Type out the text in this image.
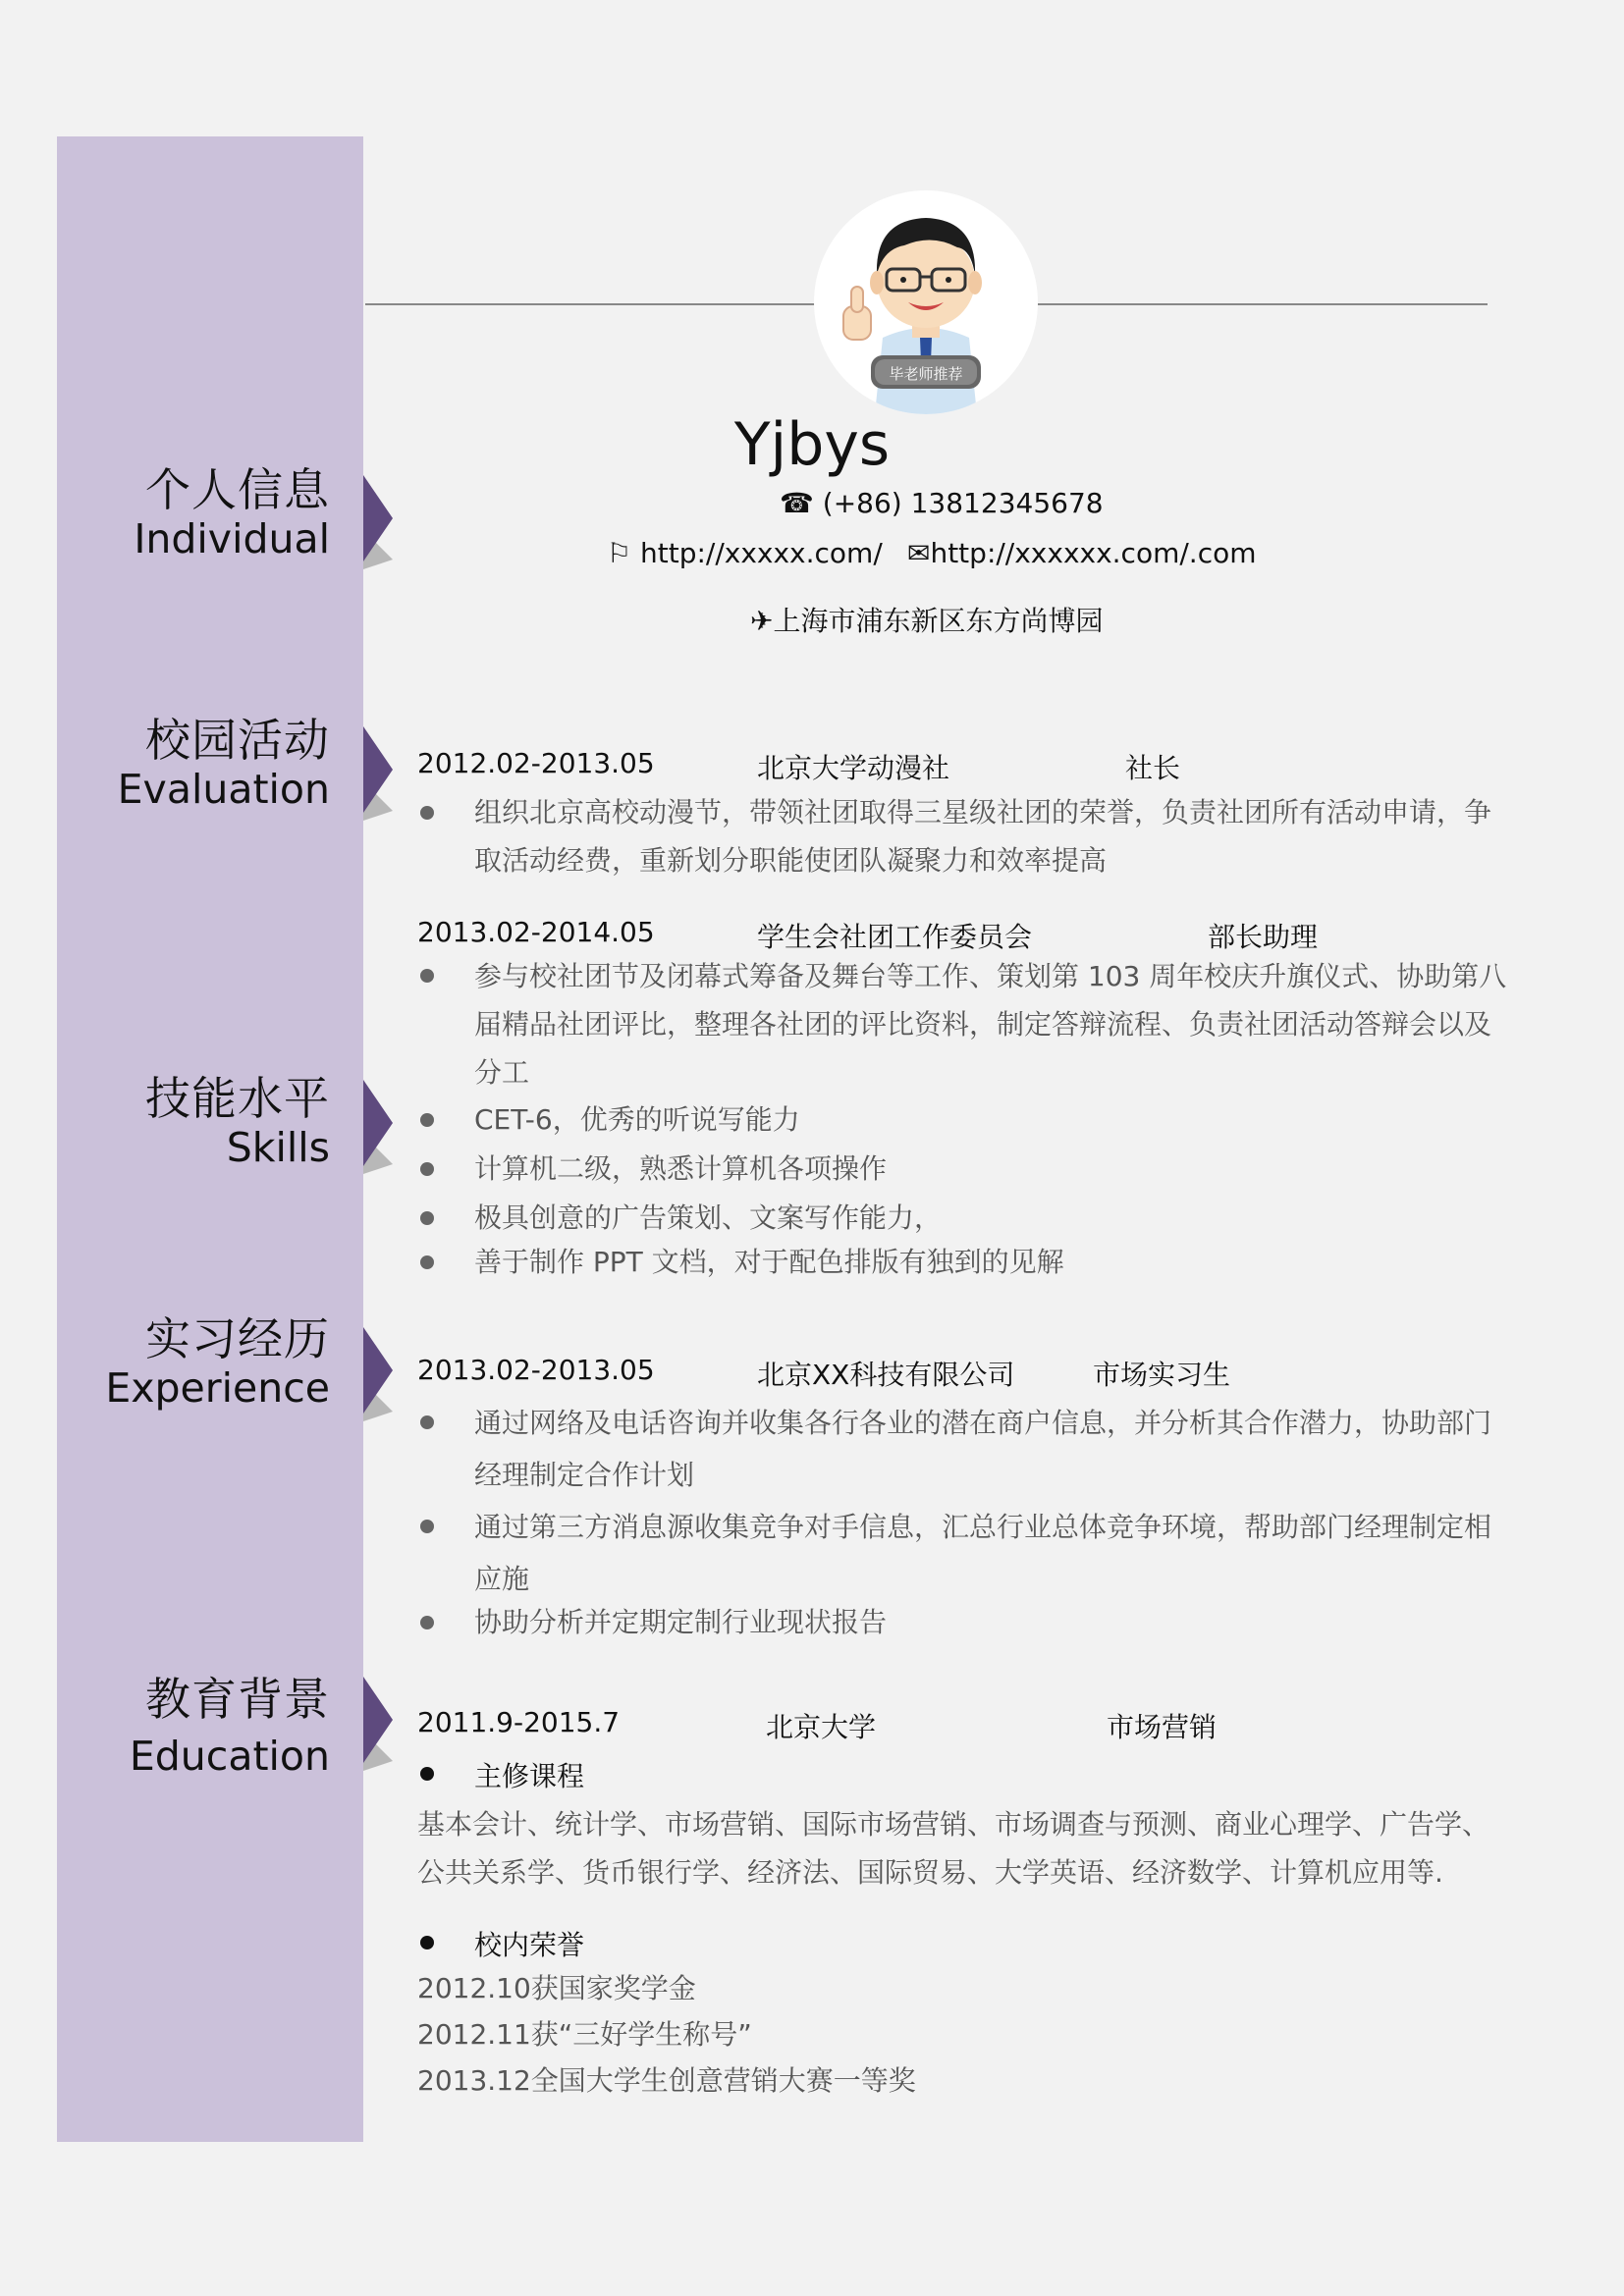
个人信息
Individual
校园活动
Evaluation
技能水平
Skills
实习经历
Experience
教育背景
Education
毕老师推荐
Yjbys
☎ (+86) 13812345678
⚐ http://xxxxx.com/ ✉http://xxxxxx.com/.com
✈上海市浦东新区东方尚博园
2012.02-2013.05	北京大学动漫社	社长
组织北京高校动漫节，带领社团取得三星级社团的荣誉，负责社团所有活动申请，争取活动经费，重新划分职能使团队凝聚力和效率提高
2013.02-2014.05	学生会社团工作委员会	部长助理
参与校社团节及闭幕式筹备及舞台等工作、策划第 103 周年校庆升旗仪式、协助第八届精品社团评比，整理各社团的评比资料，制定答辩流程、负责社团活动答辩会以及分工
CET-6，优秀的听说写能力
计算机二级，熟悉计算机各项操作
极具创意的广告策划、文案写作能力，
善于制作 PPT 文档，对于配色排版有独到的见解
2013.02-2013.05	北京XX科技有限公司	市场实习生
通过网络及电话咨询并收集各行各业的潜在商户信息，并分析其合作潜力，协助部门经理制定合作计划
通过第三方消息源收集竞争对手信息，汇总行业总体竞争环境，帮助部门经理制定相应施
协助分析并定期定制行业现状报告
2011.9-2015.7	北京大学	市场营销
主修课程
基本会计、统计学、市场营销、国际市场营销、市场调查与预测、商业心理学、广告学、公共关系学、货币银行学、经济法、国际贸易、大学英语、经济数学、计算机应用等.
校内荣誉
2012.10获国家奖学金
2012.11获“三好学生称号”
2013.12全国大学生创意营销大赛一等奖
